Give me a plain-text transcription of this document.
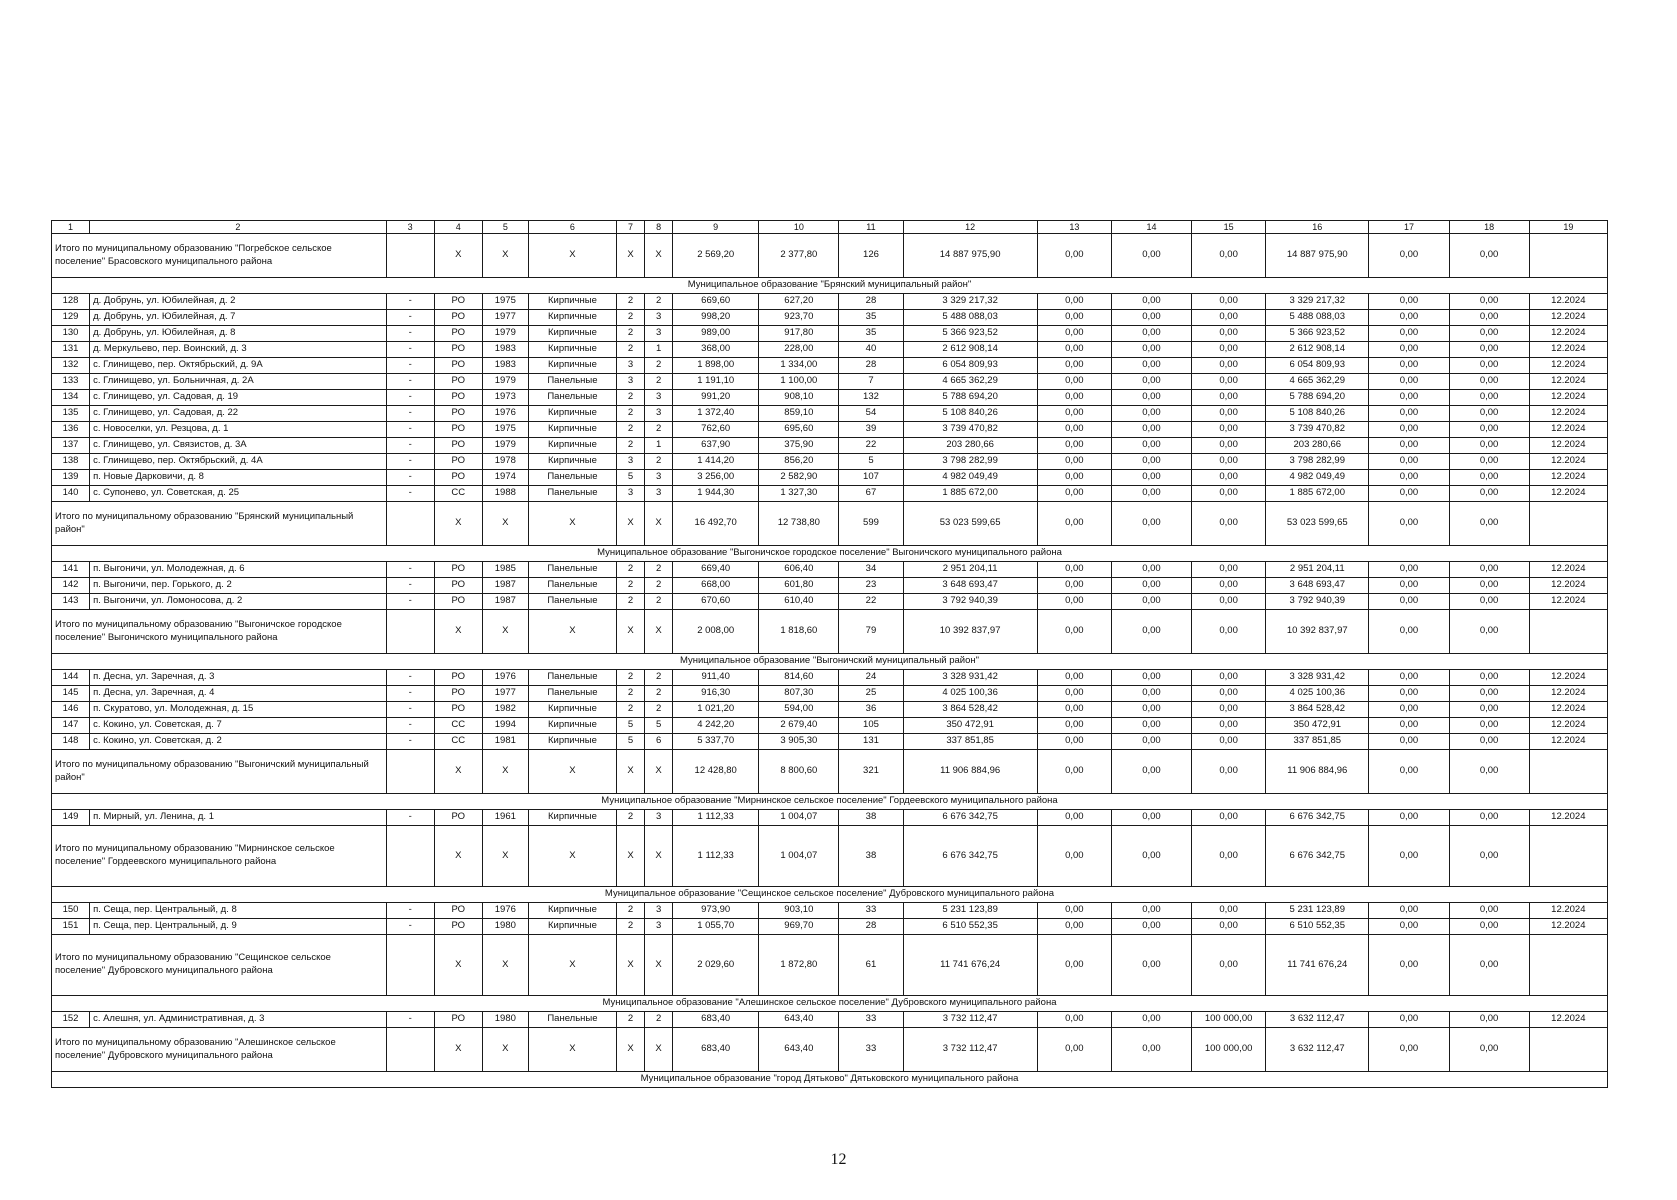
1	2	3	4	5	6	7	8	9	10	11	12	13	14	15	16	17	18	19
Итого по муниципальному образованию "Погребское сельское поселение" Брасовского муниципального района			X	X	X	X	X	2 569,20	2 377,80	126	14 887 975,90	0,00	0,00	0,00	14 887 975,90	0,00	0,00	
Муниципальное образование "Брянский муниципальный район"																		
128	д. Добрунь, ул. Юбилейная, д. 2	-	РО	1975	Кирпичные	2	2	669,60	627,20	28	3 329 217,32	0,00	0,00	0,00	3 329 217,32	0,00	0,00	12.2024
129	д. Добрунь, ул. Юбилейная, д. 7	-	РО	1977	Кирпичные	2	3	998,20	923,70	35	5 488 088,03	0,00	0,00	0,00	5 488 088,03	0,00	0,00	12.2024
130	д. Добрунь, ул. Юбилейная, д. 8	-	РО	1979	Кирпичные	2	3	989,00	917,80	35	5 366 923,52	0,00	0,00	0,00	5 366 923,52	0,00	0,00	12.2024
131	д. Меркульево, пер. Воинский, д. 3	-	РО	1983	Кирпичные	2	1	368,00	228,00	40	2 612 908,14	0,00	0,00	0,00	2 612 908,14	0,00	0,00	12.2024
132	с. Глинищево, пер. Октябрьский, д. 9А	-	РО	1983	Кирпичные	3	2	1 898,00	1 334,00	28	6 054 809,93	0,00	0,00	0,00	6 054 809,93	0,00	0,00	12.2024
133	с. Глинищево, ул. Больничная, д. 2А	-	РО	1979	Панельные	3	2	1 191,10	1 100,00	7	4 665 362,29	0,00	0,00	0,00	4 665 362,29	0,00	0,00	12.2024
134	с. Глинищево, ул. Садовая, д. 19	-	РО	1973	Панельные	2	3	991,20	908,10	132	5 788 694,20	0,00	0,00	0,00	5 788 694,20	0,00	0,00	12.2024
135	с. Глинищево, ул. Садовая, д. 22	-	РО	1976	Кирпичные	2	3	1 372,40	859,10	54	5 108 840,26	0,00	0,00	0,00	5 108 840,26	0,00	0,00	12.2024
136	с. Новоселки, ул. Резцова, д. 1	-	РО	1975	Кирпичные	2	2	762,60	695,60	39	3 739 470,82	0,00	0,00	0,00	3 739 470,82	0,00	0,00	12.2024
137	с. Глинищево, ул. Связистов, д. 3А	-	РО	1979	Кирпичные	2	1	637,90	375,90	22	203 280,66	0,00	0,00	0,00	203 280,66	0,00	0,00	12.2024
138	с. Глинищево, пер. Октябрьский, д. 4А	-	РО	1978	Кирпичные	3	2	1 414,20	856,20	5	3 798 282,99	0,00	0,00	0,00	3 798 282,99	0,00	0,00	12.2024
139	п. Новые Дарковичи, д. 8	-	РО	1974	Панельные	5	3	3 256,00	2 582,90	107	4 982 049,49	0,00	0,00	0,00	4 982 049,49	0,00	0,00	12.2024
140	с. Супонево, ул. Советская, д. 25	-	СС	1988	Панельные	3	3	1 944,30	1 327,30	67	1 885 672,00	0,00	0,00	0,00	1 885 672,00	0,00	0,00	12.2024
Итого по муниципальному образованию "Брянский муниципальный район"			X	X	X	X	X	16 492,70	12 738,80	599	53 023 599,65	0,00	0,00	0,00	53 023 599,65	0,00	0,00	
Муниципальное образование "Выгоничское городское поселение" Выгоничского муниципального района																		
141	п. Выгоничи, ул. Молодежная, д. 6	-	РО	1985	Панельные	2	2	669,40	606,40	34	2 951 204,11	0,00	0,00	0,00	2 951 204,11	0,00	0,00	12.2024
142	п. Выгоничи, пер. Горького, д. 2	-	РО	1987	Панельные	2	2	668,00	601,80	23	3 648 693,47	0,00	0,00	0,00	3 648 693,47	0,00	0,00	12.2024
143	п. Выгоничи, ул. Ломоносова, д. 2	-	РО	1987	Панельные	2	2	670,60	610,40	22	3 792 940,39	0,00	0,00	0,00	3 792 940,39	0,00	0,00	12.2024
Итого по муниципальному образованию "Выгоничское городское поселение" Выгоничского муниципального района			X	X	X	X	X	2 008,00	1 818,60	79	10 392 837,97	0,00	0,00	0,00	10 392 837,97	0,00	0,00	
Муниципальное образование "Выгоничский муниципальный район"																		
144	п. Десна, ул. Заречная, д. 3	-	РО	1976	Панельные	2	2	911,40	814,60	24	3 328 931,42	0,00	0,00	0,00	3 328 931,42	0,00	0,00	12.2024
145	п. Десна, ул. Заречная, д. 4	-	РО	1977	Панельные	2	2	916,30	807,30	25	4 025 100,36	0,00	0,00	0,00	4 025 100,36	0,00	0,00	12.2024
146	п. Скуратово, ул. Молодежная, д. 15	-	РО	1982	Кирпичные	2	2	1 021,20	594,00	36	3 864 528,42	0,00	0,00	0,00	3 864 528,42	0,00	0,00	12.2024
147	с. Кокино, ул. Советская, д. 7	-	СС	1994	Кирпичные	5	5	4 242,20	2 679,40	105	350 472,91	0,00	0,00	0,00	350 472,91	0,00	0,00	12.2024
148	с. Кокино, ул. Советская, д. 2	-	СС	1981	Кирпичные	5	6	5 337,70	3 905,30	131	337 851,85	0,00	0,00	0,00	337 851,85	0,00	0,00	12.2024
Итого по муниципальному образованию "Выгоничский муниципальный район"			X	X	X	X	X	12 428,80	8 800,60	321	11 906 884,96	0,00	0,00	0,00	11 906 884,96	0,00	0,00	
Муниципальное образование "Мирнинское сельское поселение" Гордеевского муниципального района																		
149	п. Мирный, ул. Ленина, д. 1	-	РО	1961	Кирпичные	2	3	1 112,33	1 004,07	38	6 676 342,75	0,00	0,00	0,00	6 676 342,75	0,00	0,00	12.2024
Итого по муниципальному образованию "Мирнинское сельское поселение" Гордеевского муниципального района			X	X	X	X	X	1 112,33	1 004,07	38	6 676 342,75	0,00	0,00	0,00	6 676 342,75	0,00	0,00	
Муниципальное образование "Сещинское сельское поселение" Дубровского муниципального района																		
150	п. Сеща, пер. Центральный, д. 8	-	РО	1976	Кирпичные	2	3	973,90	903,10	33	5 231 123,89	0,00	0,00	0,00	5 231 123,89	0,00	0,00	12.2024
151	п. Сеща, пер. Центральный, д. 9	-	РО	1980	Кирпичные	2	3	1 055,70	969,70	28	6 510 552,35	0,00	0,00	0,00	6 510 552,35	0,00	0,00	12.2024
Итого по муниципальному образованию "Сещинское сельское поселение" Дубровского муниципального района			X	X	X	X	X	2 029,60	1 872,80	61	11 741 676,24	0,00	0,00	0,00	11 741 676,24	0,00	0,00	
Муниципальное образование "Алешинское сельское поселение" Дубровского муниципального района																		
152	с. Алешня, ул. Административная, д. 3	-	РО	1980	Панельные	2	2	683,40	643,40	33	3 732 112,47	0,00	0,00	100 000,00	3 632 112,47	0,00	0,00	12.2024
Итого по муниципальному образованию "Алешинское сельское поселение" Дубровского муниципального района			X	X	X	X	X	683,40	643,40	33	3 732 112,47	0,00	0,00	100 000,00	3 632 112,47	0,00	0,00	
Муниципальное образование "город Дятьково" Дятьковского муниципального района																		
12
